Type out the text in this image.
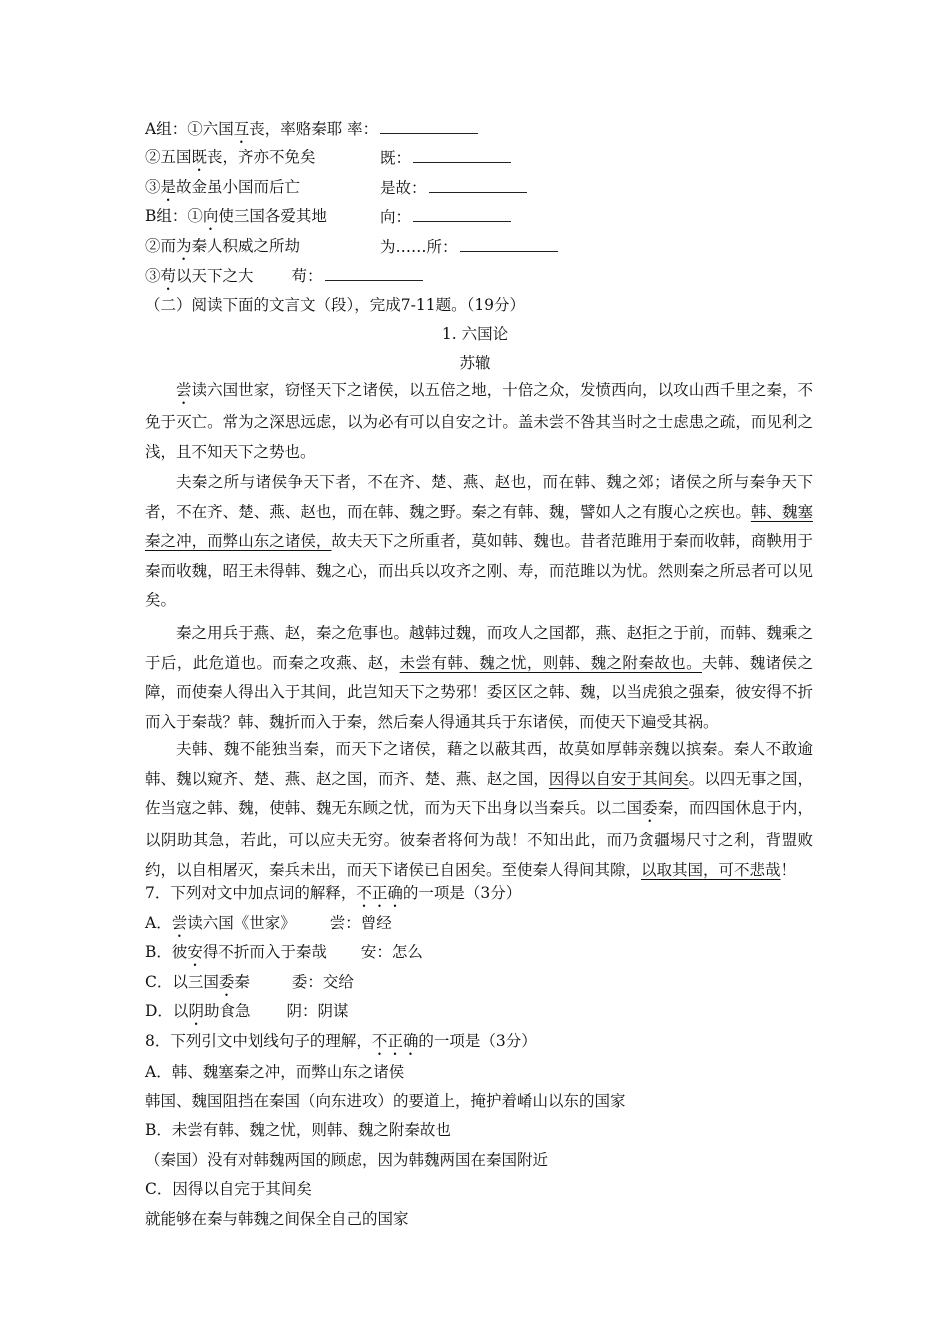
A组：①六国互丧，率赂秦耶 率：
②五国既丧，齐亦不免矣	既：
③是故金虽小国而后亡	是故：
B组：①向使三国各爱其地	向：
②而为秦人积威之所劫	为……所：
③苟以天下之大 苟：
（二）阅读下面的文言文（段），完成7-11题。（19分）
1. 六国论
苏辙
尝读六国世家，窃怪天下之诸侯，以五倍之地，十倍之众，发愤西向，以攻山西千里之秦，不免于灭亡。常为之深思远虑，以为必有可以自安之计。盖未尝不咎其当时之士虑患之疏，而见利之浅，且不知天下之势也。
夫秦之所与诸侯争天下者，不在齐、楚、燕、赵也，而在韩、魏之郊；诸侯之所与秦争天下者，不在齐、楚、燕、赵也，而在韩、魏之野。秦之有韩、魏，譬如人之有腹心之疾也。韩、魏塞秦之冲，而弊山东之诸侯，故夫天下之所重者，莫如韩、魏也。昔者范雎用于秦而收韩，商鞅用于秦而收魏，昭王未得韩、魏之心，而出兵以攻齐之刚、寿，而范雎以为忧。然则秦之所忌者可以见矣。
秦之用兵于燕、赵，秦之危事也。越韩过魏，而攻人之国都，燕、赵拒之于前，而韩、魏乘之于后，此危道也。而秦之攻燕、赵，未尝有韩、魏之忧，则韩、魏之附秦故也。夫韩、魏诸侯之障，而使秦人得出入于其间，此岂知天下之势邪！委区区之韩、魏，以当虎狼之强秦，彼安得不折而入于秦哉？韩、魏折而入于秦，然后秦人得通其兵于东诸侯，而使天下遍受其祸。
夫韩、魏不能独当秦，而天下之诸侯，藉之以蔽其西，故莫如厚韩亲魏以摈秦。秦人不敢逾韩、魏以窥齐、楚、燕、赵之国，而齐、楚、燕、赵之国，因得以自安于其间矣。以四无事之国，佐当寇之韩、魏，使韩、魏无东顾之忧，而为天下出身以当秦兵。以二国委秦，而四国休息于内，以阴助其急，若此，可以应夫无穷。彼秦者将何为哉！不知出此，而乃贪疆埸尺寸之利，背盟败约，以自相屠灭，秦兵未出，而天下诸侯已自困矣。至使秦人得间其隙，以取其国，可不悲哉！
7．下列对文中加点词的解释，不正确的一项是（3分）
A．尝读六国《世家》 尝：曾经
B．彼安得不折而入于秦哉 安：怎么
C．以三国委秦	委：交给
D．以阴助食急 阴：阴谋
8．下列引文中划线句子的理解，不正确的一项是（3分）
A．韩、魏塞秦之冲，而弊山东之诸侯
韩国、魏国阻挡在秦国（向东进攻）的要道上，掩护着崤山以东的国家
B．未尝有韩、魏之忧，则韩、魏之附秦故也
（秦国）没有对韩魏两国的顾虑，因为韩魏两国在秦国附近
C．因得以自完于其间矣
就能够在秦与韩魏之间保全自己的国家
